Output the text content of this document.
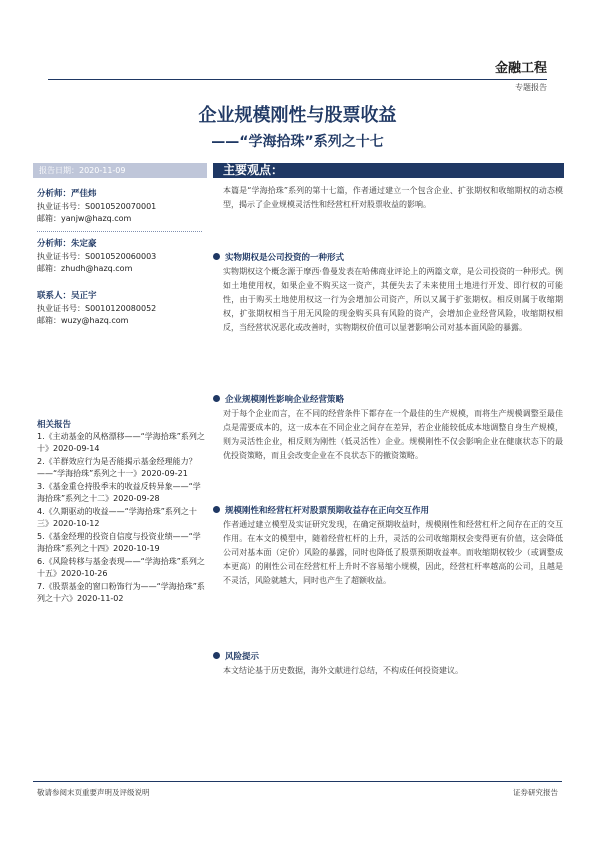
金融工程
专题报告
企业规模刚性与股票收益
——“学海拾珠”系列之十七
报告日期：2020-11-09	主要观点：
分析师：严佳炜
执业证书号：S0010520070001
邮箱：yanjw@hazq.com
分析师：朱定豪
执业证书号：S0010520060003
邮箱：zhudh@hazq.com
联系人：吴正宇
执业证书号：S0010120080052
邮箱：wuzy@hazq.com
相关报告
1.《主动基金的风格漂移——“学海拾珠”系列之十》2020-09-14
2.《羊群效应行为是否能揭示基金经理能力？——“学海拾珠”系列之十一》2020-09-21
3.《基金重仓持股季末的收益反转异象——“学海拾珠”系列之十二》2020-09-28
4.《久期驱动的收益——“学海拾珠”系列之十三》2020-10-12
5.《基金经理的投资自信度与投资业绩——“学海拾珠”系列之十四》2020-10-19
6.《风险转移与基金表现——“学海拾珠”系列之十五》2020-10-26
7.《股票基金的窗口粉饰行为——“学海拾珠”系列之十六》2020-11-02
本篇是“学海拾珠”系列的第十七篇，作者通过建立一个包含企业、扩张期权和收缩期权的动态模型，揭示了企业规模灵活性和经营杠杆对股票收益的影响。
实物期权是公司投资的一种形式
实物期权这个概念源于摩西·鲁曼发表在哈佛商业评论上的两篇文章，是公司投资的一种形式。例如土地使用权，如果企业不购买这一资产，其便失去了未来使用土地进行开发、即行权的可能性，由于购买土地使用权这一行为会增加公司资产，所以又属于扩张期权。相反则属于收缩期权，扩张期权相当于用无风险的现金购买具有风险的资产，会增加企业经营风险，收缩期权相反，当经营状况恶化或改善时，实物期权价值可以显著影响公司对基本面风险的暴露。
企业规模刚性影响企业经营策略
对于每个企业而言，在不同的经营条件下都存在一个最佳的生产规模，而将生产规模调整至最佳点是需要成本的，这一成本在不同企业之间存在差异，若企业能较低成本地调整自身生产规模，则为灵活性企业，相反则为刚性（低灵活性）企业。规模刚性不仅会影响企业在健康状态下的最优投资策略，而且会改变企业在不良状态下的撤资策略。
规模刚性和经营杠杆对股票预期收益存在正向交互作用
作者通过建立模型及实证研究发现，在确定预期收益时，规模刚性和经营杠杆之间存在正的交互作用。在本文的模型中，随着经营杠杆的上升，灵活的公司收缩期权会变得更有价值，这会降低公司对基本面（定价）风险的暴露，同时也降低了股票预期收益率。而收缩期权较少（或调整成本更高）的刚性公司在经营杠杆上升时不容易缩小规模，因此，经营杠杆率越高的公司，且越是不灵活，风险就越大，同时也产生了超额收益。
风险提示
本文结论基于历史数据，海外文献进行总结，不构成任何投资建议。
敬请参阅末页重要声明及评级说明	证券研究报告
